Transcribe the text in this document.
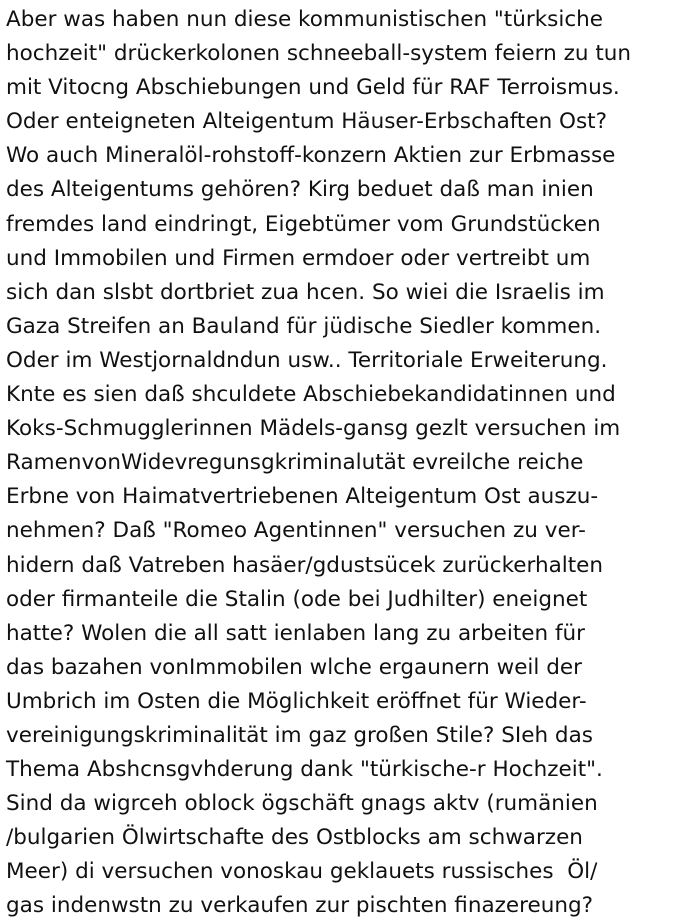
Aber was haben nun diese kommunistischen "türksiche
hochzeit" drückerkolonen schneeball-system feiern zu tun
mit Vitocng Abschiebungen und Geld für RAF Terroismus.
Oder enteigneten Alteigentum Häuser-Erbschaften Ost?
Wo auch Mineralöl-rohstoff-konzern Aktien zur Erbmasse
des Alteigentums gehören? Kirg beduet daß man inien
fremdes land eindringt, Eigebtümer vom Grundstücken
und Immobilen und Firmen ermdoer oder vertreibt um
sich dan slsbt dortbriet zua hcen. So wiei die Israelis im
Gaza Streifen an Bauland für jüdische Siedler kommen.
Oder im Westjornaldndun usw.. Territoriale Erweiterung.
Knte es sien daß shculdete Abschiebekandidatinnen und
Koks-Schmugglerinnen Mädels-gansg gezlt versuchen im
RamenvonWidevregunsgkriminalutät evreilche reiche
Erbne von Haimatvertriebenen Alteigentum Ost auszu-
nehmen? Daß "Romeo Agentinnen" versuchen zu ver-
hidern daß Vatreben hasäer/gdustsücek zurückerhalten
oder firmanteile die Stalin (ode bei Judhilter) eneignet
hatte? Wolen die all satt ienlaben lang zu arbeiten für
das bazahen vonImmobilen wlche ergaunern weil der
Umbrich im Osten die Möglichkeit eröffnet für Wieder-
vereinigungskriminalität im gaz großen Stile? SIeh das
Thema Abshcnsgvhderung dank "türkische-r Hochzeit".
Sind da wigrceh oblock ögschäft gnags aktv (rumänien
/bulgarien Ölwirtschafte des Ostblocks am schwarzen
Meer) di versuchen vonoskau geklauets russisches  Öl/
gas indenwstn zu verkaufen zur pischten finazereung?
